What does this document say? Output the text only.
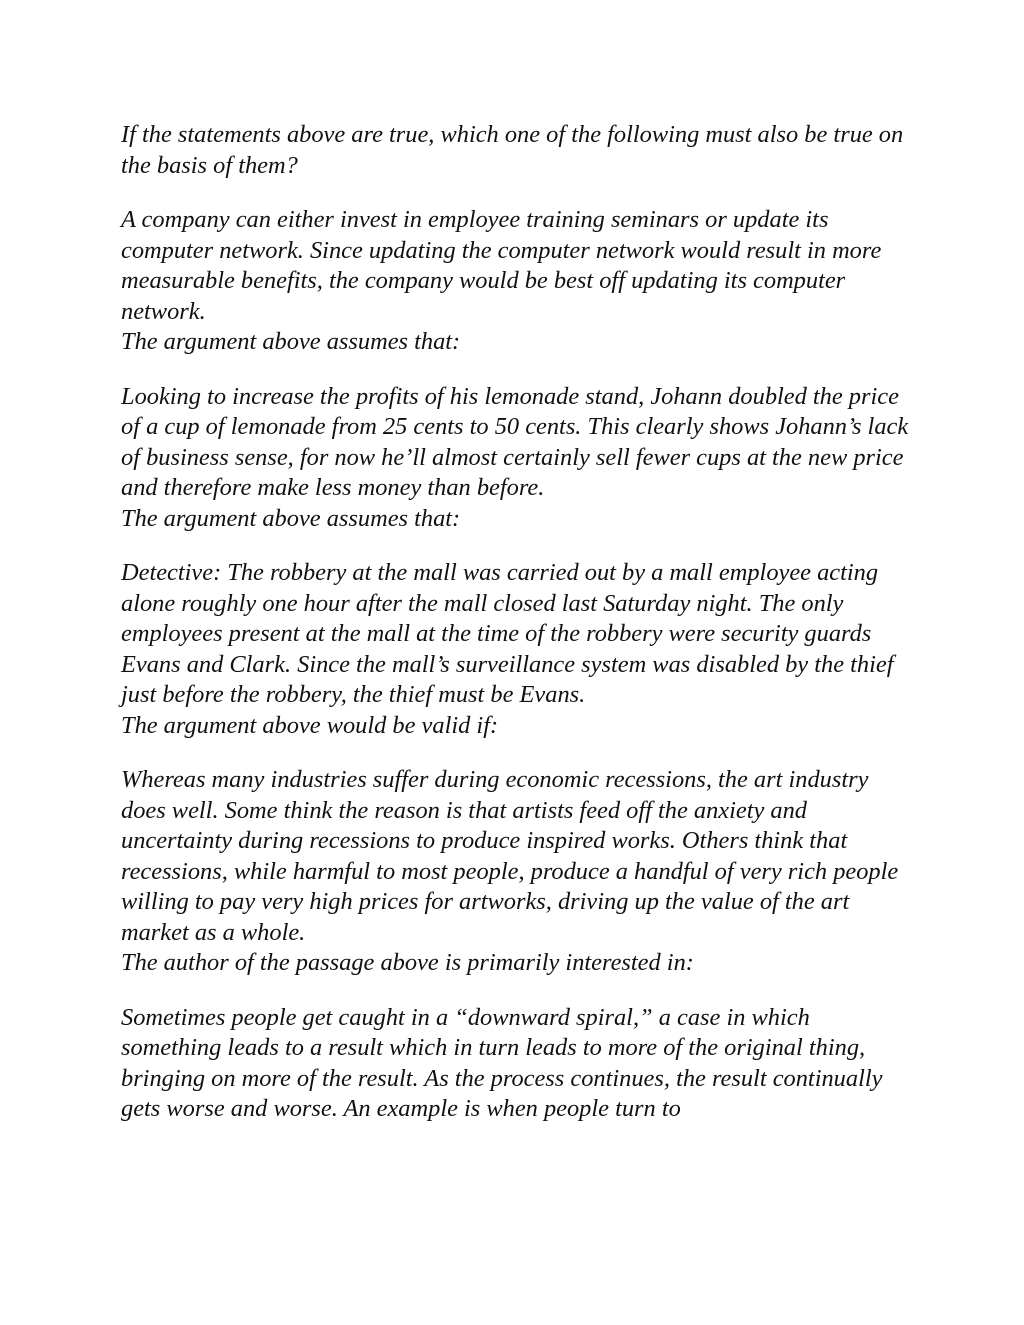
If the statements above are true, which one of the following must also be true on the basis of them?

A company can either invest in employee training seminars or update its computer network. Since updating the computer network would result in more measurable benefits, the company would be best off updating its computer network.

The argument above assumes that:

Looking to increase the profits of his lemonade stand, Johann doubled the price of a cup of lemonade from 25 cents to 50 cents. This clearly shows Johann’s lack of business sense, for now he’ll almost certainly sell fewer cups at the new price and therefore make less money than before.

The argument above assumes that:

Detective: The robbery at the mall was carried out by a mall employee acting alone roughly one hour after the mall closed last Saturday night. The only employees present at the mall at the time of the robbery were security guards Evans and Clark. Since the mall’s surveillance system was disabled by the thief just before the robbery, the thief must be Evans.

The argument above would be valid if:

Whereas many industries suffer during economic recessions, the art industry does well. Some think the reason is that artists feed off the anxiety and uncertainty during recessions to produce inspired works. Others think that recessions, while harmful to most people, produce a handful of very rich people willing to pay very high prices for artworks, driving up the value of the art market as a whole.

The author of the passage above is primarily interested in:

Sometimes people get caught in a “downward spiral,” a case in which something leads to a result which in turn leads to more of the original thing, bringing on more of the result. As the process continues, the result continually gets worse and worse. An example is when people turn to
